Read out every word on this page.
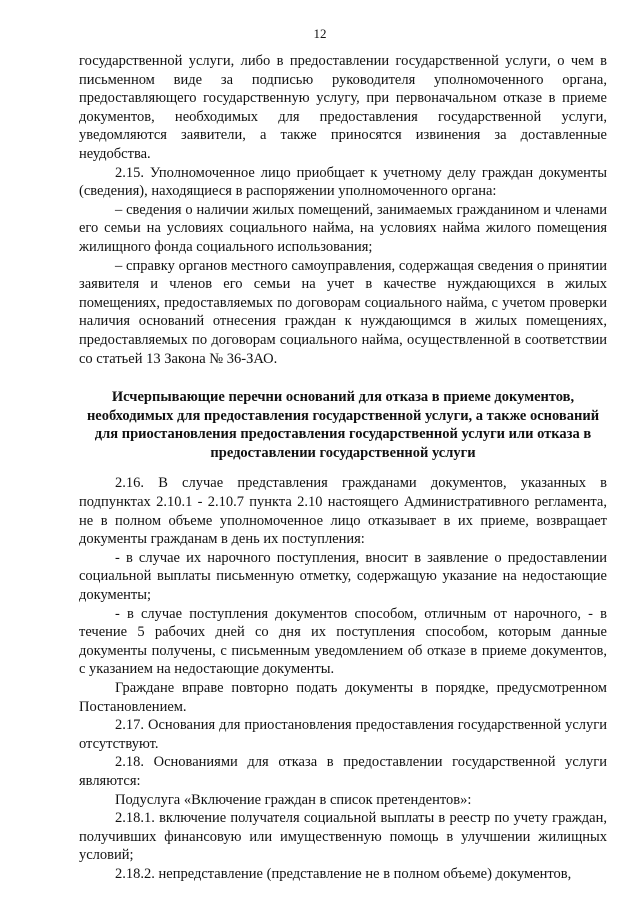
12

государственной услуги, либо в предоставлении государственной услуги, о чем в письменном виде за подписью руководителя уполномоченного органа, предоставляющего государственную услугу, при первоначальном отказе в приеме документов, необходимых для предоставления государственной услуги, уведомляются заявители, а также приносятся извинения за доставленные неудобства.

2.15. Уполномоченное лицо приобщает к учетному делу граждан документы (сведения), находящиеся в распоряжении уполномоченного органа:

– сведения о наличии жилых помещений, занимаемых гражданином и членами его семьи на условиях социального найма, на условиях найма жилого помещения жилищного фонда социального использования;

– справку органов местного самоуправления, содержащая сведения о принятии заявителя и членов его семьи на учет в качестве нуждающихся в жилых помещениях, предоставляемых по договорам социального найма, с учетом проверки наличия оснований отнесения граждан к нуждающимся в жилых помещениях, предоставляемых по договорам социального найма, осуществленной в соответствии со статьей 13 Закона № 36-ЗАО.

Исчерпывающие перечни оснований для отказа в приеме документов, необходимых для предоставления государственной услуги, а также оснований для приостановления предоставления государственной услуги или отказа в предоставлении государственной услуги

2.16. В случае представления гражданами документов, указанных в подпунктах 2.10.1 - 2.10.7 пункта 2.10 настоящего Административного регламента, не в полном объеме уполномоченное лицо отказывает в их приеме, возвращает документы гражданам в день их поступления:

- в случае их нарочного поступления, вносит в заявление о предоставлении социальной выплаты письменную отметку, содержащую указание на недостающие документы;

- в случае поступления документов способом, отличным от нарочного, - в течение 5 рабочих дней со дня их поступления способом, которым данные документы получены, с письменным уведомлением об отказе в приеме документов, с указанием на недостающие документы.

Граждане вправе повторно подать документы в порядке, предусмотренном Постановлением.

2.17. Основания для приостановления предоставления государственной услуги отсутствуют.

2.18. Основаниями для отказа в предоставлении государственной услуги являются:

Подуслуга «Включение граждан в список претендентов»:

2.18.1. включение получателя социальной выплаты в реестр по учету граждан, получивших финансовую или имущественную помощь в улучшении жилищных условий;

2.18.2. непредставление (представление не в полном объеме) документов,
